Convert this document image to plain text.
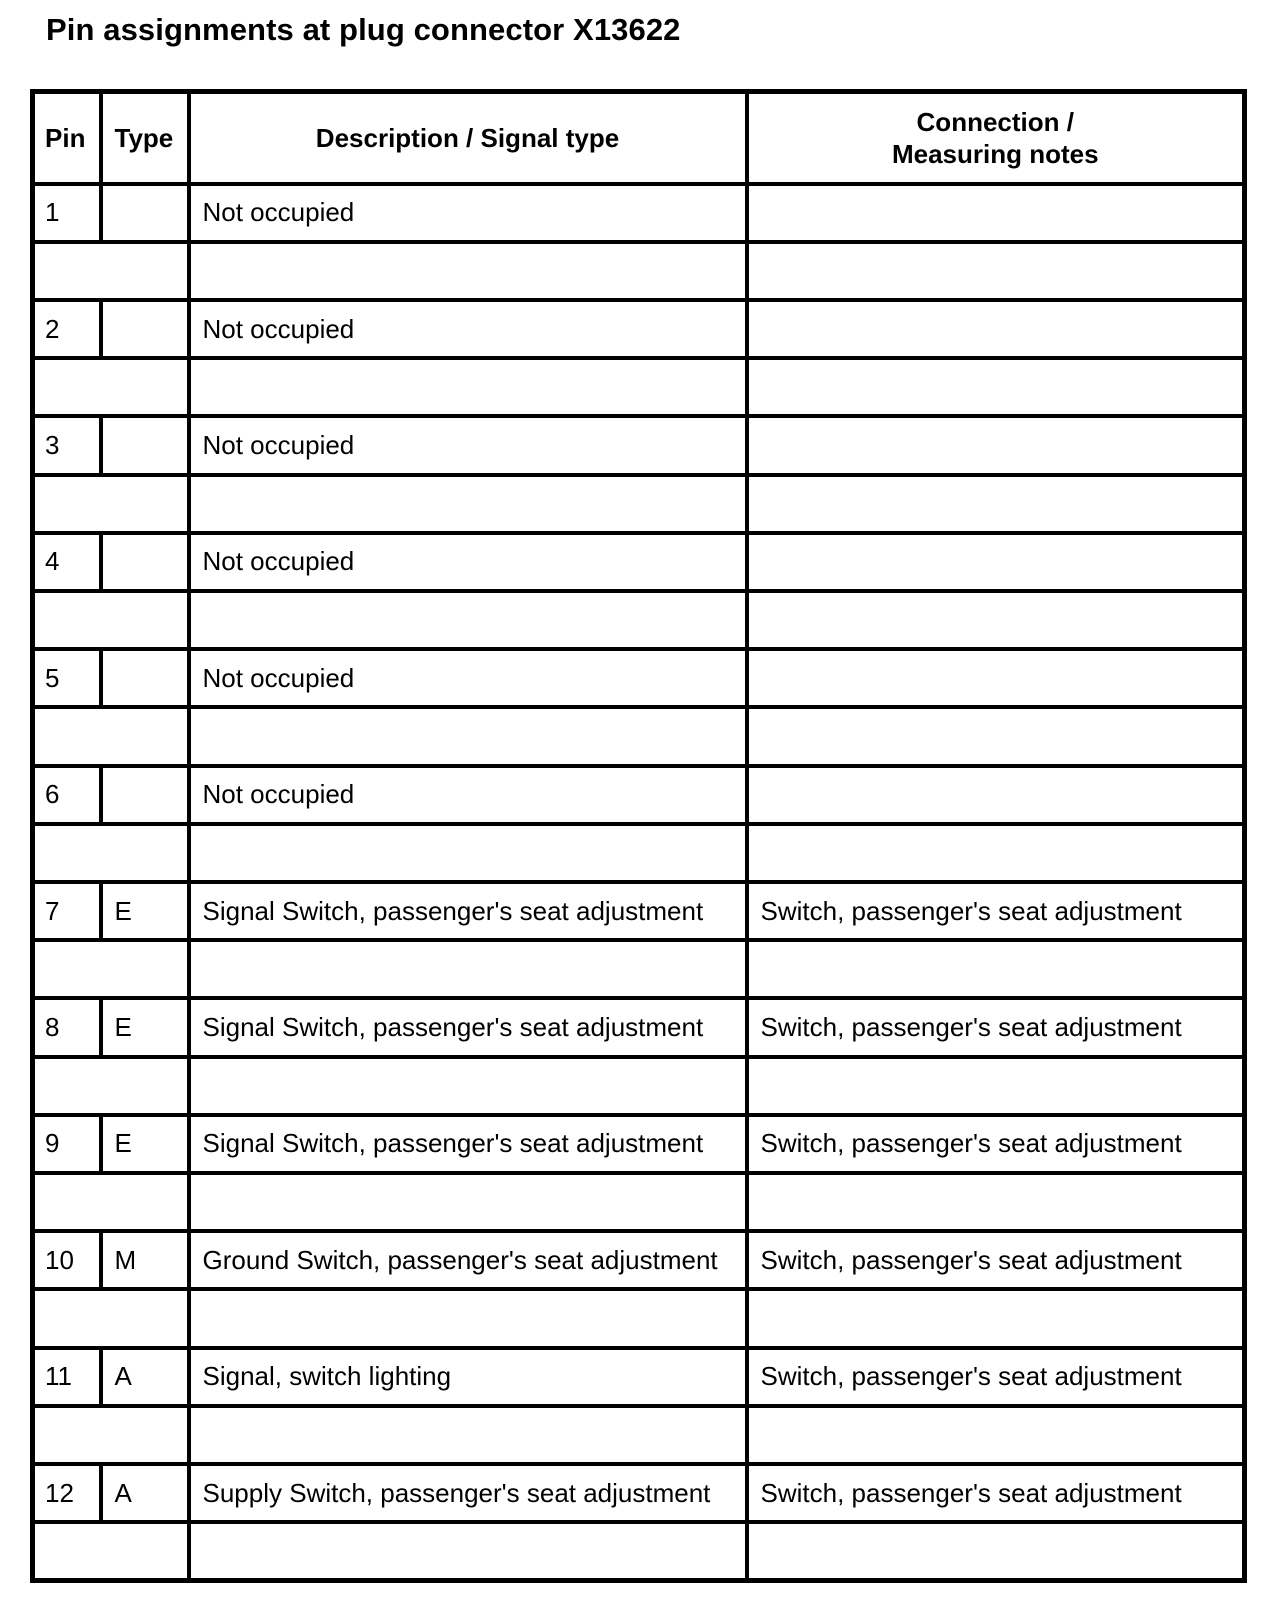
Pin assignments at plug connector X13622
Pin	Type	Description / Signal type	Connection /
Measuring notes

1		Not occupied	

2		Not occupied	

3		Not occupied	

4		Not occupied	

5		Not occupied	

6		Not occupied	

7	E	Signal Switch, passenger's seat adjustment	Switch, passenger's seat adjustment

8	E	Signal Switch, passenger's seat adjustment	Switch, passenger's seat adjustment

9	E	Signal Switch, passenger's seat adjustment	Switch, passenger's seat adjustment

10	M	Ground Switch, passenger's seat adjustment	Switch, passenger's seat adjustment

11	A	Signal, switch lighting	Switch, passenger's seat adjustment

12	A	Supply Switch, passenger's seat adjustment	Switch, passenger's seat adjustment
